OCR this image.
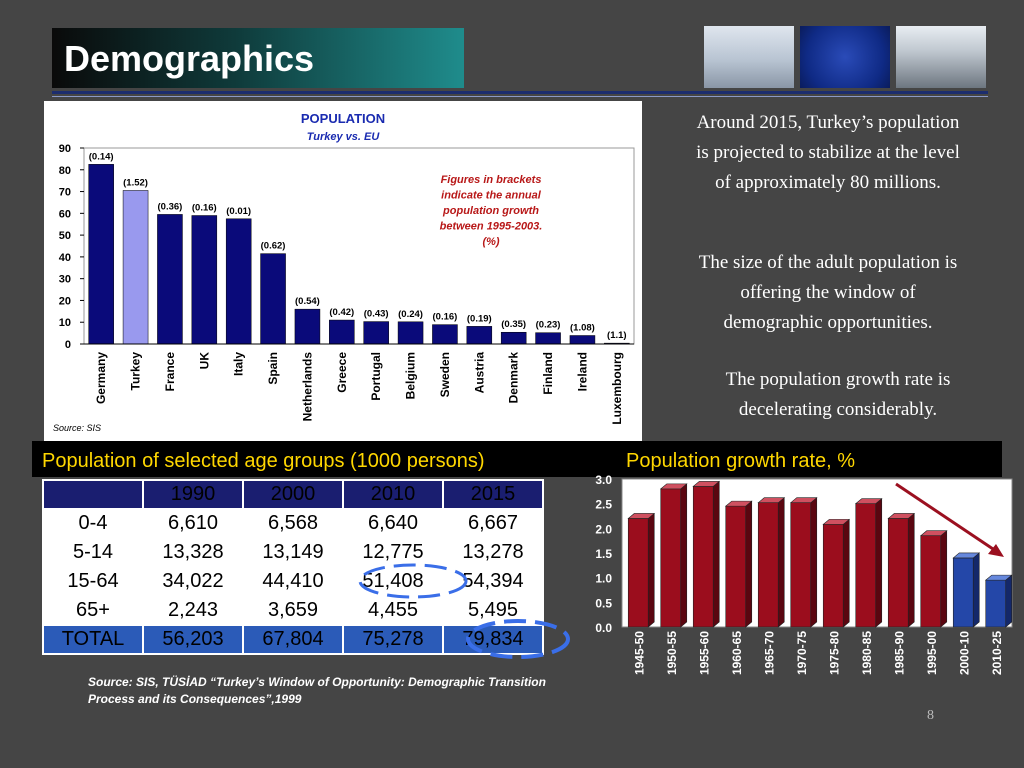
Demographics
POPULATION
Turkey vs. EU
0
10
20
30
40
50
60
70
80
90
(0.14)
Germany
(1.52)
Turkey
(0.36)
France
(0.16)
UK
(0.01)
Italy
(0.62)
Spain
(0.54)
Netherlands
(0.42)
Greece
(0.43)
Portugal
(0.24)
Belgium
(0.16)
Sweden
(0.19)
Austria
(0.35)
Denmark
(0.23)
Finland
(1.08)
Ireland
(1.1)
Luxembourg
Figures in brackets indicate the annual population growth between 1995-2003. (%)
Source: SIS
Around 2015, Turkey’s population is projected to stabilize at the level of approximately 80 millions.
The size of the adult population is offering the window of demographic opportunities.
The population growth rate is decelerating considerably.
Population of selected age groups (1000 persons)	Population growth rate, %
	1990	2000	2010	2015
0-4	6,610	6,568	6,640	6,667
5-14	13,328	13,149	12,775	13,278
15-64	34,022	44,410	51,408	54,394
65+	2,243	3,659	4,455	5,495
TOTAL	56,203	67,804	75,278	79,834	0.0
0.5
1.0
1.5
2.0
2.5
3.0
1945-50 1950-55 1955-60 1960-65 1965-70 1970-75 1975-80 1980-85 1985-90 1995-00 2000-10 2010-25
Source: SIS, TÜSİAD “Turkey’s Window of Opportunity: Demographic Transition Process and its Consequences”,1999
8
